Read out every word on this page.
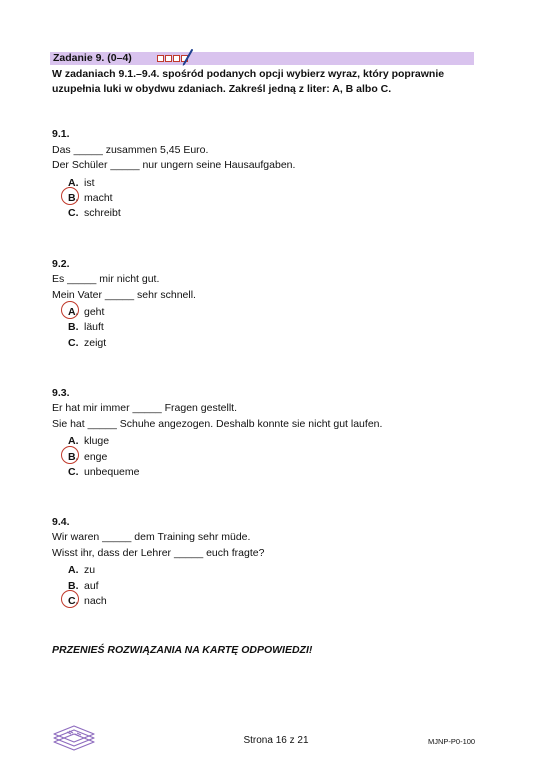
Zadanie 9. (0–4)
W zadaniach 9.1.–9.4. spośród podanych opcji wybierz wyraz, który poprawnie uzupełnia luki w obydwu zdaniach. Zakreśl jedną z liter: A, B albo C.
9.1.
Das _____ zusammen 5,45 Euro.
Der Schüler _____ nur ungern seine Hausaufgaben.
A. ist
B. macht
C. schreibt
9.2.
Es _____ mir nicht gut.
Mein Vater _____ sehr schnell.
A. geht
B. läuft
C. zeigt
9.3.
Er hat mir immer _____ Fragen gestellt.
Sie hat _____ Schuhe angezogen. Deshalb konnte sie nicht gut laufen.
A. kluge
B. enge
C. unbequeme
9.4.
Wir waren _____ dem Training sehr müde.
Wisst ihr, dass der Lehrer _____ euch fragte?
A. zu
B. auf
C. nach
PRZENIEŚ ROZWIĄZANIA NA KARTĘ ODPOWIEDZI!
Strona 16 z 21	MJNP-P0-100
